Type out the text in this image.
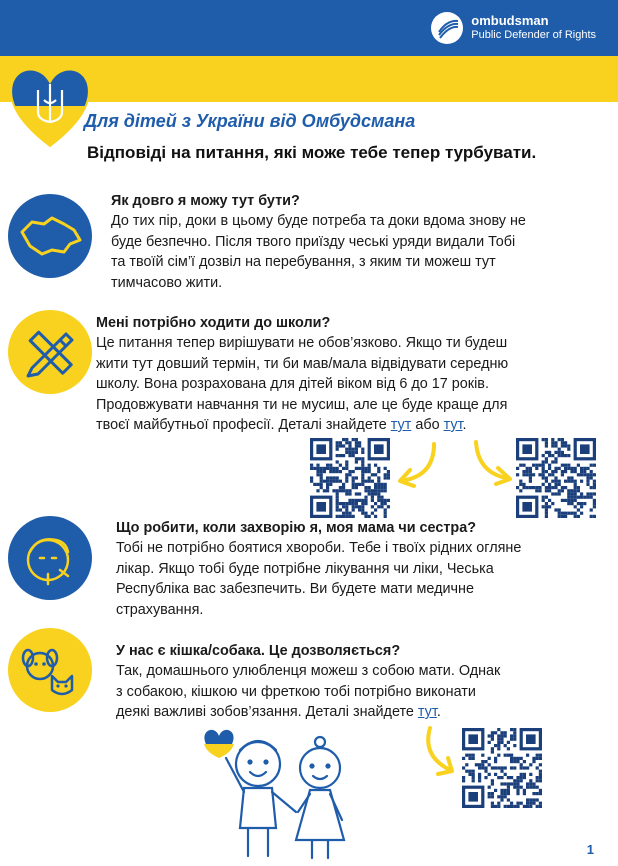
ombudsman
Public Defender of Rights
Для дітей з України від Омбудсмана
Відповіді на питання, які може тебе тепер турбувати.
Як довго я можу тут бути?

До тих пір, доки в цьому буде потреба та доки вдома знову не

буде безпечно. Після твого приїзду чеські уряди видали Тобі

та твоїй сім’ї дозвіл на перебування, з яким ти можеш тут

тимчасово жити.

Мені потрібно ходити до школи?

Це питання тепер вирішувати не обов’язково. Якщо ти будеш

жити тут довший термін, ти би мав/мала відвідувати середню

школу. Вона розрахована для дітей віком від 6 до 17 років.

Продовжувати навчання ти не мусиш, але це буде краще для

твоєї майбутньої професії. Деталі знайдете тут або тут.

Що робити, коли захворію я, моя мама чи сестра?

Тобі не потрібно боятися хвороби. Тебе і твоїх рідних огляне

лікар. Якщо тобі буде потрібне лікування чи ліки, Чеська

Республіка вас забезпечить. Ви будете мати медичне

страхування.

У нас є кішка/собака. Це дозволяється?

Так, домашнього улюбленця можеш з собою мати. Однак

з собакою, кішкою чи фреткою тобі потрібно виконати

деякі важливі зобов’язання. Деталі знайдете тут.

1
